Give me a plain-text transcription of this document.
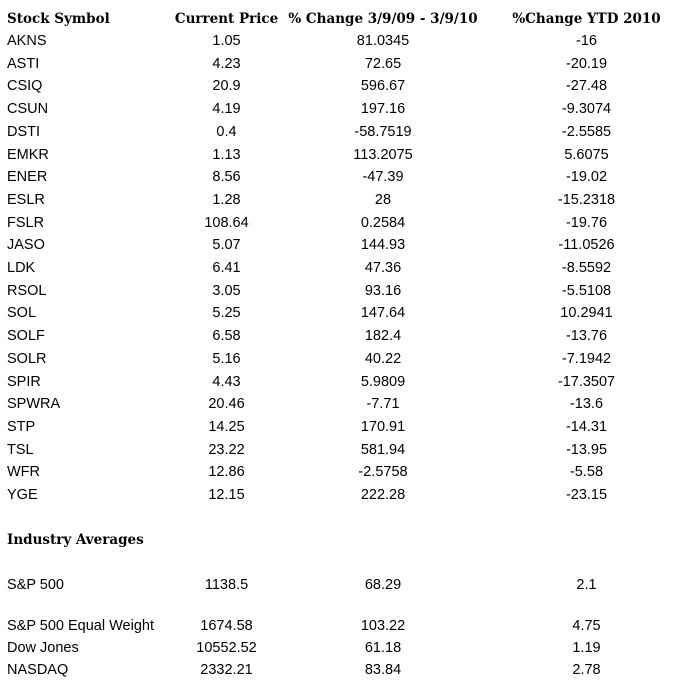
Stock Symbol	Current Price	% Change 3/9/09 - 3/9/10	%Change YTD 2010
AKNS	1.05	81.0345	-16
ASTI	4.23	72.65	-20.19
CSIQ	20.9	596.67	-27.48
CSUN	4.19	197.16	-9.3074
DSTI	0.4	-58.7519	-2.5585
EMKR	1.13	113.2075	5.6075
ENER	8.56	-47.39	-19.02
ESLR	1.28	28	-15.2318
FSLR	108.64	0.2584	-19.76
JASO	5.07	144.93	-11.0526
LDK	6.41	47.36	-8.5592
RSOL	3.05	93.16	-5.5108
SOL	5.25	147.64	10.2941
SOLF	6.58	182.4	-13.76
SOLR	5.16	40.22	-7.1942
SPIR	4.43	5.9809	-17.3507
SPWRA	20.46	-7.71	-13.6
STP	14.25	170.91	-14.31
TSL	23.22	581.94	-13.95
WFR	12.86	-2.5758	-5.58
YGE	12.15	222.28	-23.15
Industry Averages
S&P 500	1138.5	68.29	2.1
S&P 500 Equal Weight	1674.58	103.22	4.75
Dow Jones	10552.52	61.18	1.19
NASDAQ	2332.21	83.84	2.78
